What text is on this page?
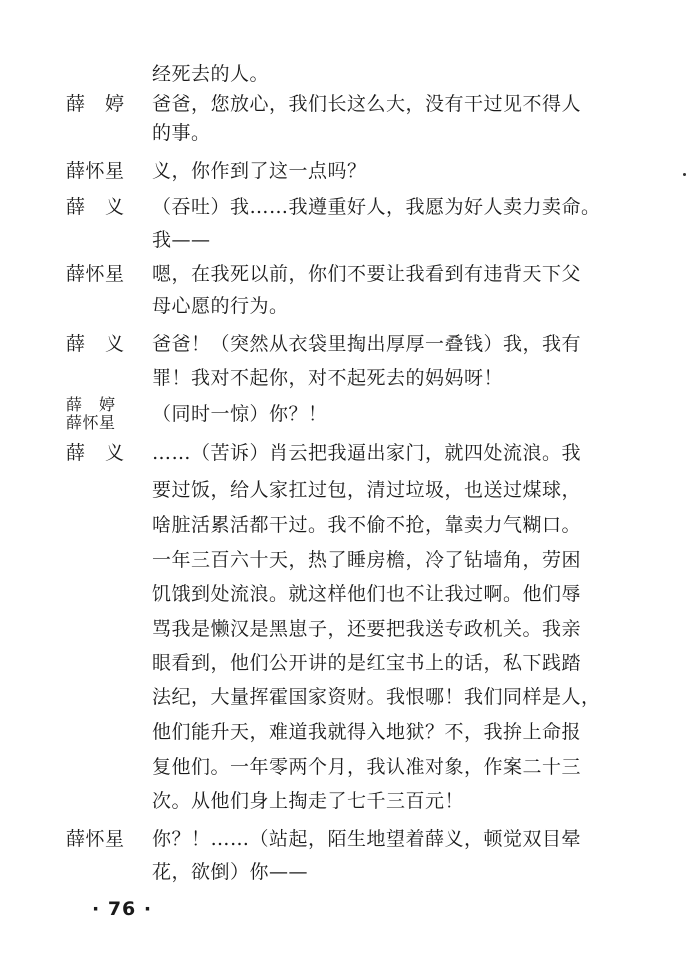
经死去的人。
薛　婷 爸爸，您放心，我们长这么大，没有干过见不得人
的事。
薛怀星 义，你作到了这一点吗？
薛　义 （吞吐）我……我遵重好人，我愿为好人卖力卖命。
我——
薛怀星 嗯，在我死以前，你们不要让我看到有违背天下父
母心愿的行为。
薛　义 爸爸！（突然从衣袋里掏出厚厚一叠钱）我，我有
罪！我对不起你，对不起死去的妈妈呀！
薛　婷
薛怀星 （同时一惊）你？！
薛　义 ……（苦诉）肖云把我逼出家门，就四处流浪。我
要过饭，给人家扛过包，清过垃圾，也送过煤球，
啥脏活累活都干过。我不偷不抢，靠卖力气糊口。
一年三百六十天，热了睡房檐，冷了钻墙角，劳困
饥饿到处流浪。就这样他们也不让我过啊。他们辱
骂我是懒汉是黑崽子，还要把我送专政机关。我亲
眼看到，他们公开讲的是红宝书上的话，私下践踏
法纪，大量挥霍国家资财。我恨哪！我们同样是人，
他们能升天，难道我就得入地狱？不，我拚上命报
复他们。一年零两个月，我认准对象，作案二十三
次。从他们身上掏走了七千三百元！
薛怀星 你？！……（站起，陌生地望着薛义，顿觉双目晕
花，欲倒）你——
· 76 ·
